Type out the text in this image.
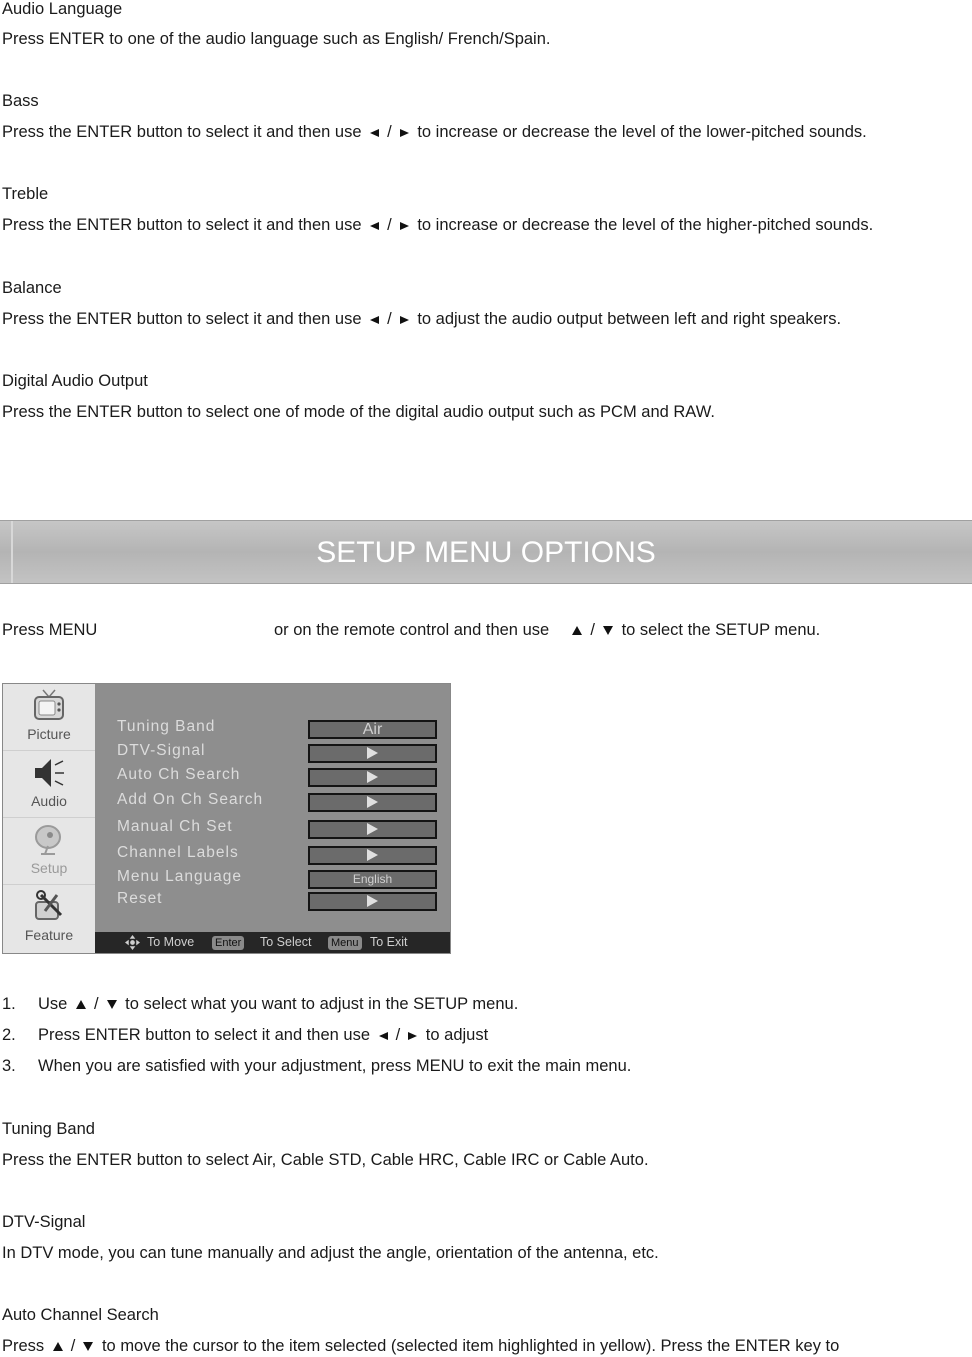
Audio Language
Press ENTER to one of the audio language such as English/ French/Spain.
Bass
Press the ENTER button to select it and then use / to increase or decrease the level of the lower-pitched sounds.
Treble
Press the ENTER button to select it and then use / to increase or decrease the level of the higher-pitched sounds.
Balance
Press the ENTER button to select it and then use / to adjust the audio output between left and right speakers.
Digital Audio Output
Press the ENTER button to select one of mode of the digital audio output such as PCM and RAW.
SETUP MENU OPTIONS
Press MENU	or on the remote control and then use / to select the SETUP menu.
Picture
Audio
Setup
Feature
Tuning Band	Air
DTV-Signal
Auto Ch Search
Add On Ch Search
Manual Ch Set
Channel Labels
Menu Language	English
Reset
To Move Enter To Select Menu To Exit
1. Use / to select what you want to adjust in the SETUP menu.
2. Press ENTER button to select it and then use / to adjust
3. When you are satisfied with your adjustment, press MENU to exit the main menu.
Tuning Band
Press the ENTER button to select Air, Cable STD, Cable HRC, Cable IRC or Cable Auto.
DTV-Signal
In DTV mode, you can tune manually and adjust the angle, orientation of the antenna, etc.
Auto Channel Search
Press / to move the cursor to the item selected (selected item highlighted in yellow). Press the ENTER key to
